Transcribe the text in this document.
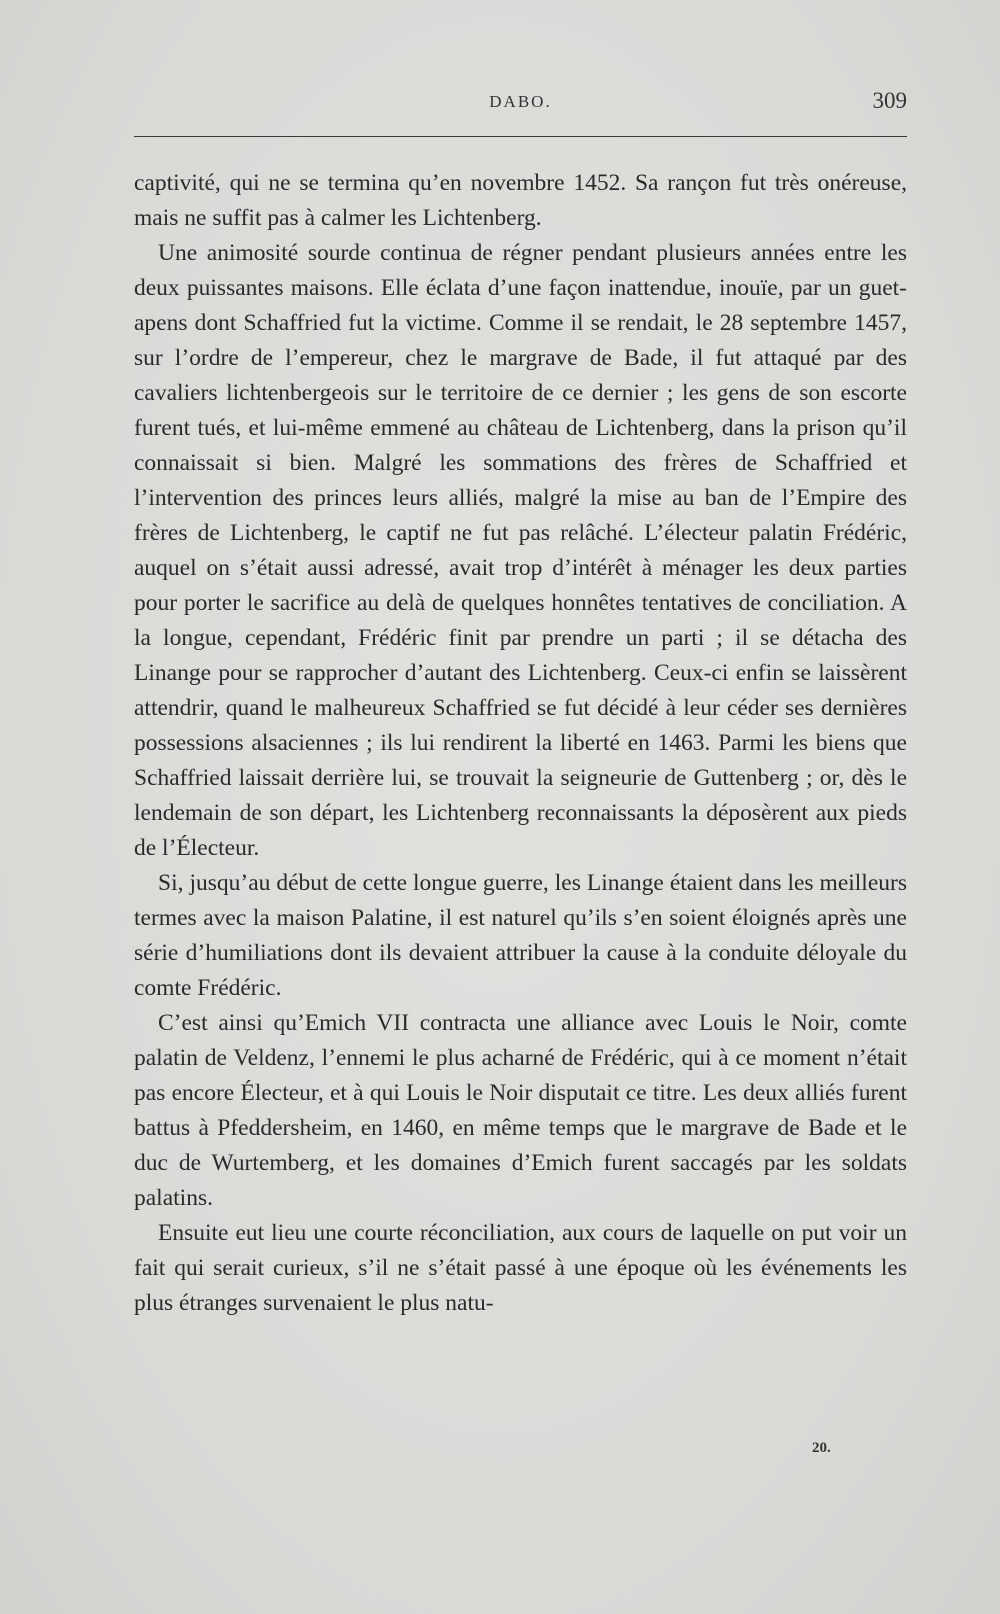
DABO.	309

captivité, qui ne se termina qu’en novembre 1452. Sa rançon fut très onéreuse, mais ne suffit pas à calmer les Lichtenberg.

Une animosité sourde continua de régner pendant plusieurs années entre les deux puissantes maisons. Elle éclata d’une façon inattendue, inouïe, par un guet-apens dont Schaffried fut la victime. Comme il se rendait, le 28 septembre 1457, sur l’ordre de l’empereur, chez le margrave de Bade, il fut attaqué par des cavaliers lichtenbergeois sur le territoire de ce dernier ; les gens de son escorte furent tués, et lui-même emmené au château de Lichtenberg, dans la prison qu’il connaissait si bien. Malgré les sommations des frères de Schaffried et l’intervention des princes leurs alliés, malgré la mise au ban de l’Empire des frères de Lichtenberg, le captif ne fut pas relâché. L’électeur palatin Frédéric, auquel on s’était aussi adressé, avait trop d’intérêt à ménager les deux parties pour porter le sacrifice au delà de quelques honnêtes tentatives de conciliation. A la longue, cependant, Frédéric finit par prendre un parti ; il se détacha des Linange pour se rapprocher d’autant des Lichtenberg. Ceux-ci enfin se laissèrent attendrir, quand le malheureux Schaffried se fut décidé à leur céder ses dernières possessions alsaciennes ; ils lui rendirent la liberté en 1463. Parmi les biens que Schaffried laissait derrière lui, se trouvait la seigneurie de Guttenberg ; or, dès le lendemain de son départ, les Lichtenberg reconnaissants la déposèrent aux pieds de l’Électeur.

Si, jusqu’au début de cette longue guerre, les Linange étaient dans les meilleurs termes avec la maison Palatine, il est naturel qu’ils s’en soient éloignés après une série d’humiliations dont ils devaient attribuer la cause à la conduite déloyale du comte Frédéric.

C’est ainsi qu’Emich VII contracta une alliance avec Louis le Noir, comte palatin de Veldenz, l’ennemi le plus acharné de Frédéric, qui à ce moment n’était pas encore Électeur, et à qui Louis le Noir disputait ce titre. Les deux alliés furent battus à Pfeddersheim, en 1460, en même temps que le margrave de Bade et le duc de Wurtemberg, et les domaines d’Emich furent saccagés par les soldats palatins.

Ensuite eut lieu une courte réconciliation, aux cours de laquelle on put voir un fait qui serait curieux, s’il ne s’était passé à une époque où les événements les plus étranges survenaient le plus natu-

20.
